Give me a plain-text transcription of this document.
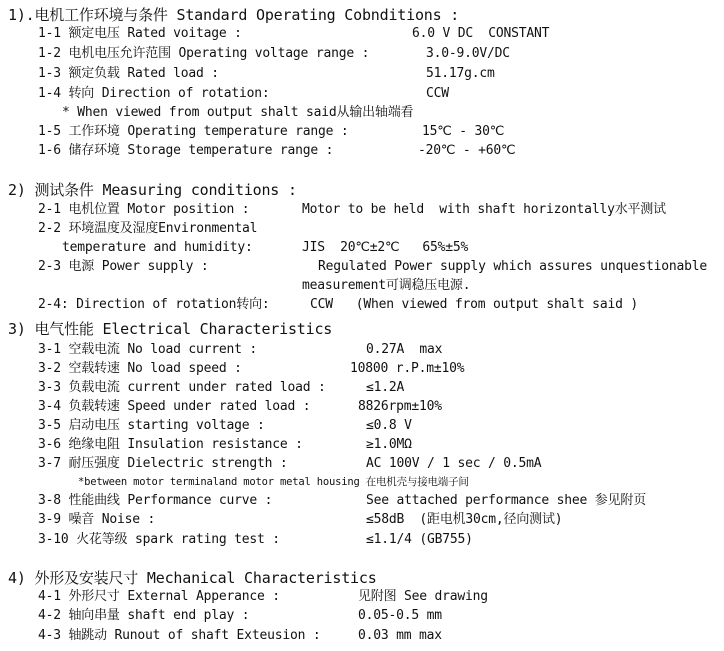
1).电机工作环境与条件 Standard Operating Cobnditions :
1-1 额定电压 Rated voitage :	6.0 V DC  CONSTANT
1-2 电机电压允许范围 Operating voltage range :	3.0-9.0V/DC
1-3 额定负载 Rated load :	51.17g.cm
1-4 转向 Direction of rotation:	CCW
* When viewed from output shalt said从输出轴端看
1-5 工作环境 Operating temperature range :	15℃ - 30℃
1-6 储存环境 Storage temperature range :	-20℃ - +60℃
2) 测试条件 Measuring conditions :
2-1 电机位置 Motor position :	Motor to be held  with shaft horizontally水平测试
2-2 环境温度及湿度Environmental
temperature and humidity:	JIS  20℃±2℃   65%±5%
2-3 电源 Power supply :	Regulated Power supply which assures unquestionable
measurement可调稳压电源.
2-4: Direction of rotation转向:	CCW   (When viewed from output shalt said )
3) 电气性能 Electrical Characteristics
3-1 空载电流 No load current :	0.27A  max
3-2 空载转速 No load speed :	10800 r.P.m±10%
3-3 负载电流 current under rated load :	≤1.2A
3-4 负载转速 Speed under rated load :	8826rpm±10%
3-5 启动电压 starting voltage :	≤0.8 V
3-6 绝缘电阻 Insulation resistance :	≥1.0MΩ
3-7 耐压强度 Dielectric strength :	AC 100V / 1 sec / 0.5mA
*between motor terminaland motor metal housing 在电机壳与接电端子间
3-8 性能曲线 Performance curve :	See attached performance shee 参见附页
3-9 噪音 Noise :	≤58dB  (距电机30cm,径向测试)
3-10 火花等级 spark rating test :	≤1.1/4 (GB755)
4) 外形及安装尺寸 Mechanical Characteristics
4-1 外形尺寸 External Apperance :	见附图 See drawing
4-2 轴向串量 shaft end play :	0.05-0.5 mm
4-3 轴跳动 Runout of shaft Exteusion :	0.03 mm max
